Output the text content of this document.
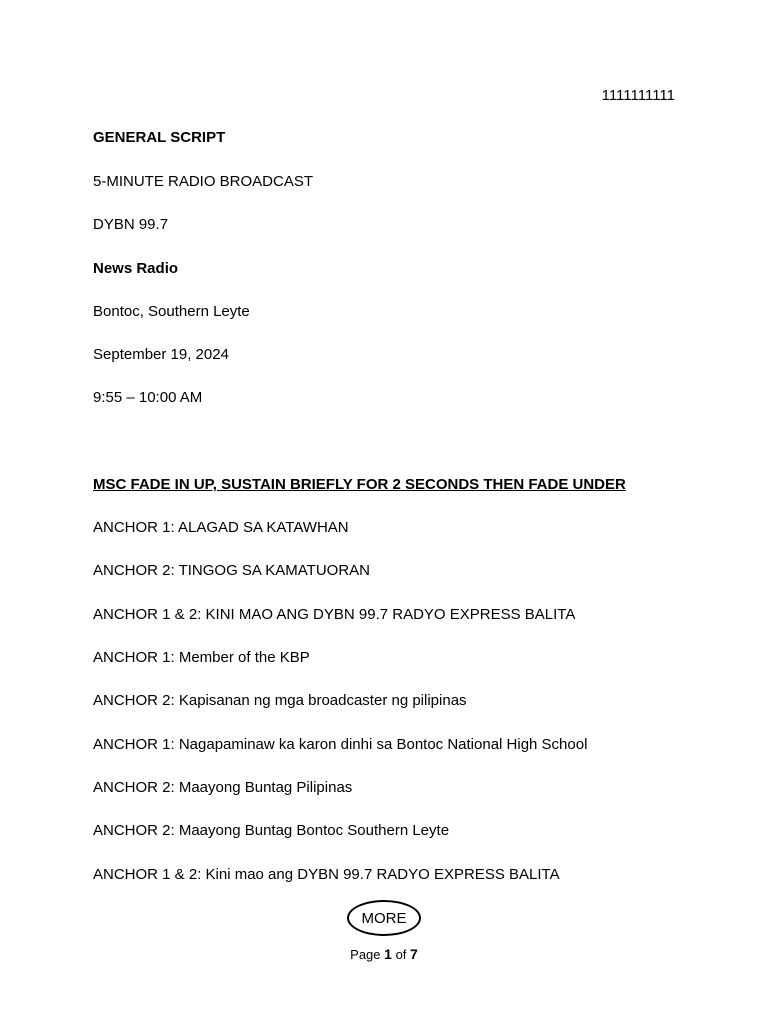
1111111111
GENERAL SCRIPT
5-MINUTE RADIO BROADCAST
DYBN 99.7
News Radio
Bontoc, Southern Leyte
September 19, 2024
9:55 – 10:00 AM
MSC FADE IN UP, SUSTAIN BRIEFLY FOR 2 SECONDS THEN FADE UNDER
ANCHOR 1: ALAGAD SA KATAWHAN
ANCHOR 2: TINGOG SA KAMATUORAN
ANCHOR 1 & 2: KINI MAO ANG DYBN 99.7 RADYO EXPRESS BALITA
ANCHOR 1: Member of the KBP
ANCHOR 2: Kapisanan ng mga broadcaster ng pilipinas
ANCHOR 1: Nagapaminaw ka karon dinhi sa Bontoc National High School
ANCHOR 2: Maayong Buntag Pilipinas
ANCHOR 2: Maayong Buntag Bontoc Southern Leyte
ANCHOR 1 & 2: Kini mao ang DYBN 99.7 RADYO EXPRESS BALITA
MORE
Page 1 of 7
